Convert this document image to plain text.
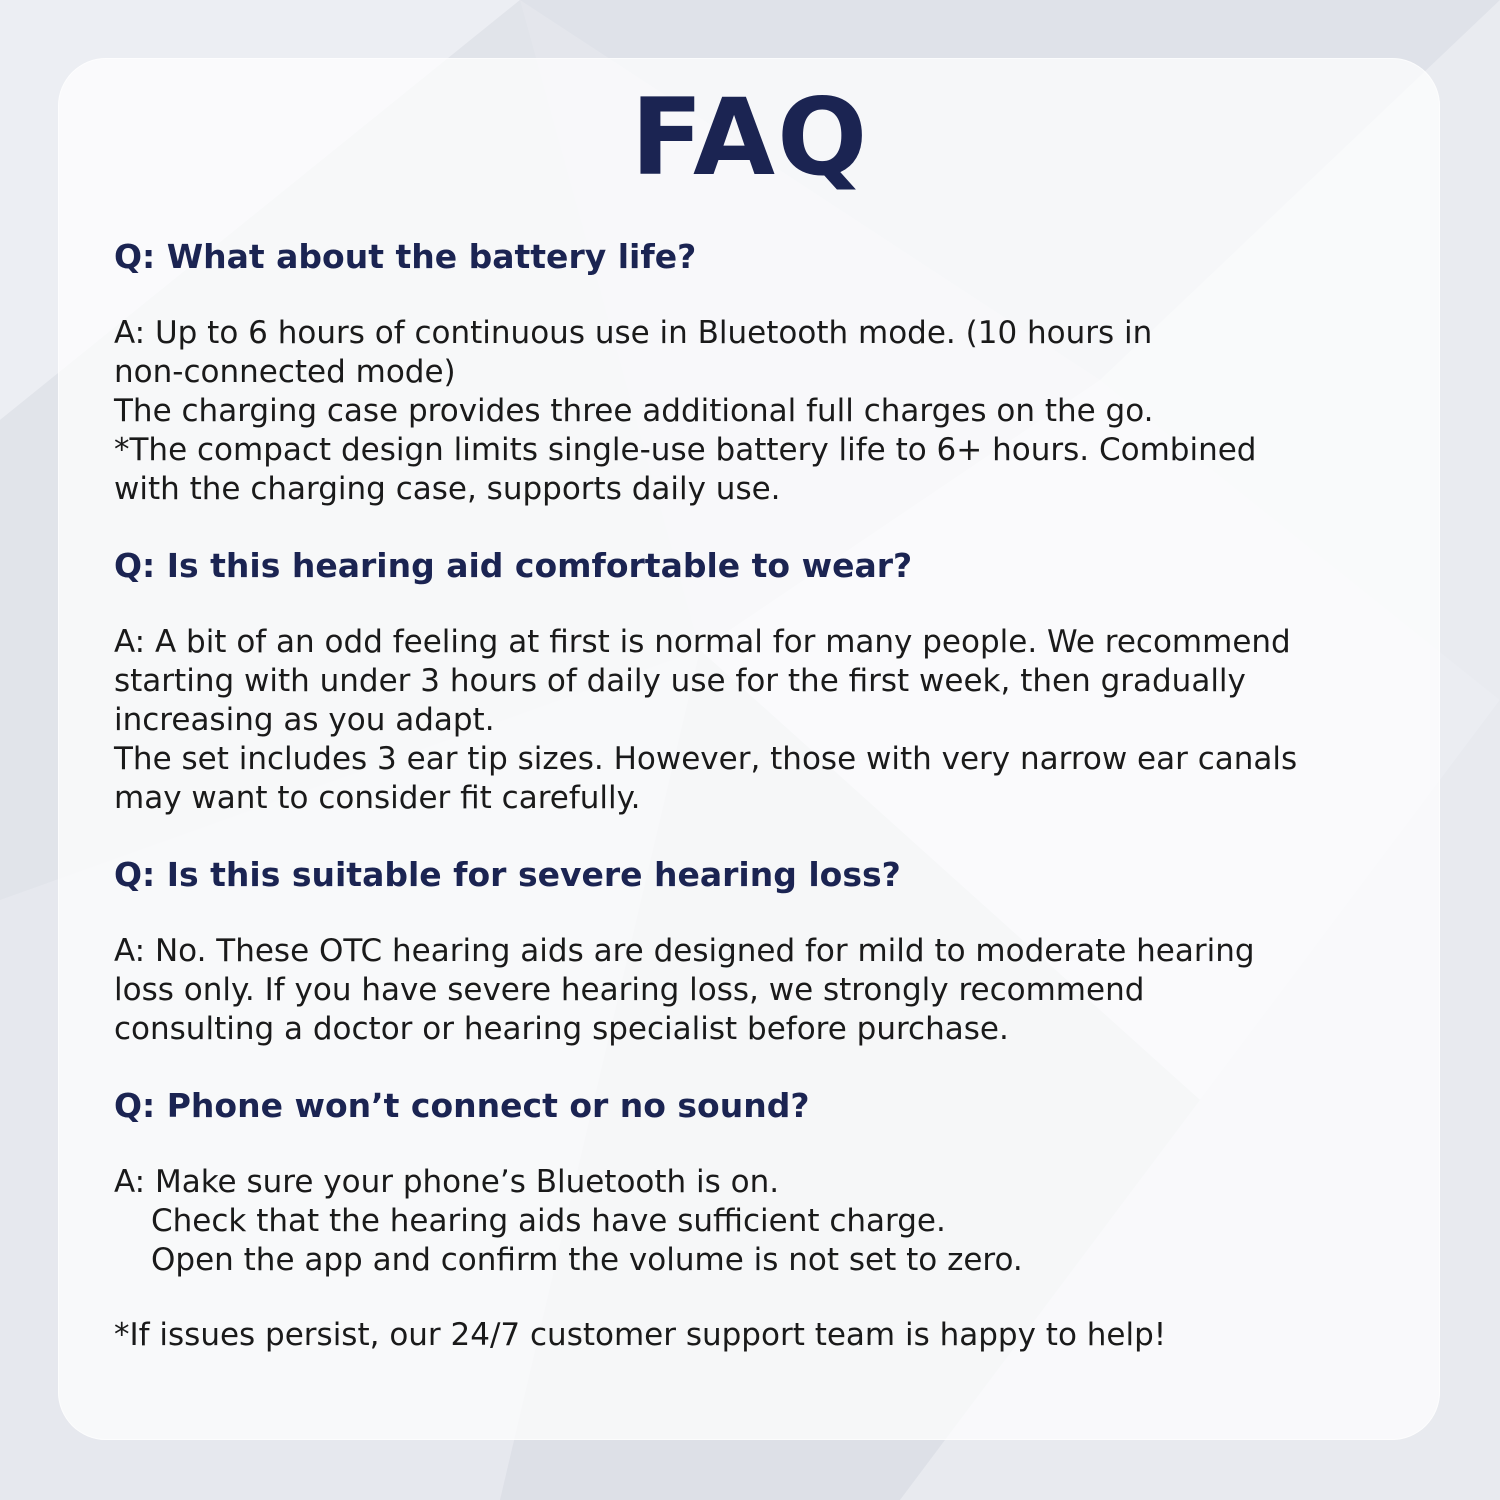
FAQ

Q: What about the battery life?

A: Up to 6 hours of continuous use in Bluetooth mode. (10 hours in
non-connected mode)
The charging case provides three additional full charges on the go.
*The compact design limits single-use battery life to 6+ hours. Combined
with the charging case, supports daily use.

Q: Is this hearing aid comfortable to wear?

A: A bit of an odd feeling at first is normal for many people. We recommend
starting with under 3 hours of daily use for the first week, then gradually
increasing as you adapt.
The set includes 3 ear tip sizes. However, those with very narrow ear canals
may want to consider fit carefully.

Q: Is this suitable for severe hearing loss?

A: No. These OTC hearing aids are designed for mild to moderate hearing
loss only. If you have severe hearing loss, we strongly recommend
consulting a doctor or hearing specialist before purchase.

Q: Phone won’t connect or no sound?

A: Make sure your phone’s Bluetooth is on.
Check that the hearing aids have sufficient charge.
Open the app and confirm the volume is not set to zero.

*If issues persist, our 24/7 customer support team is happy to help!
